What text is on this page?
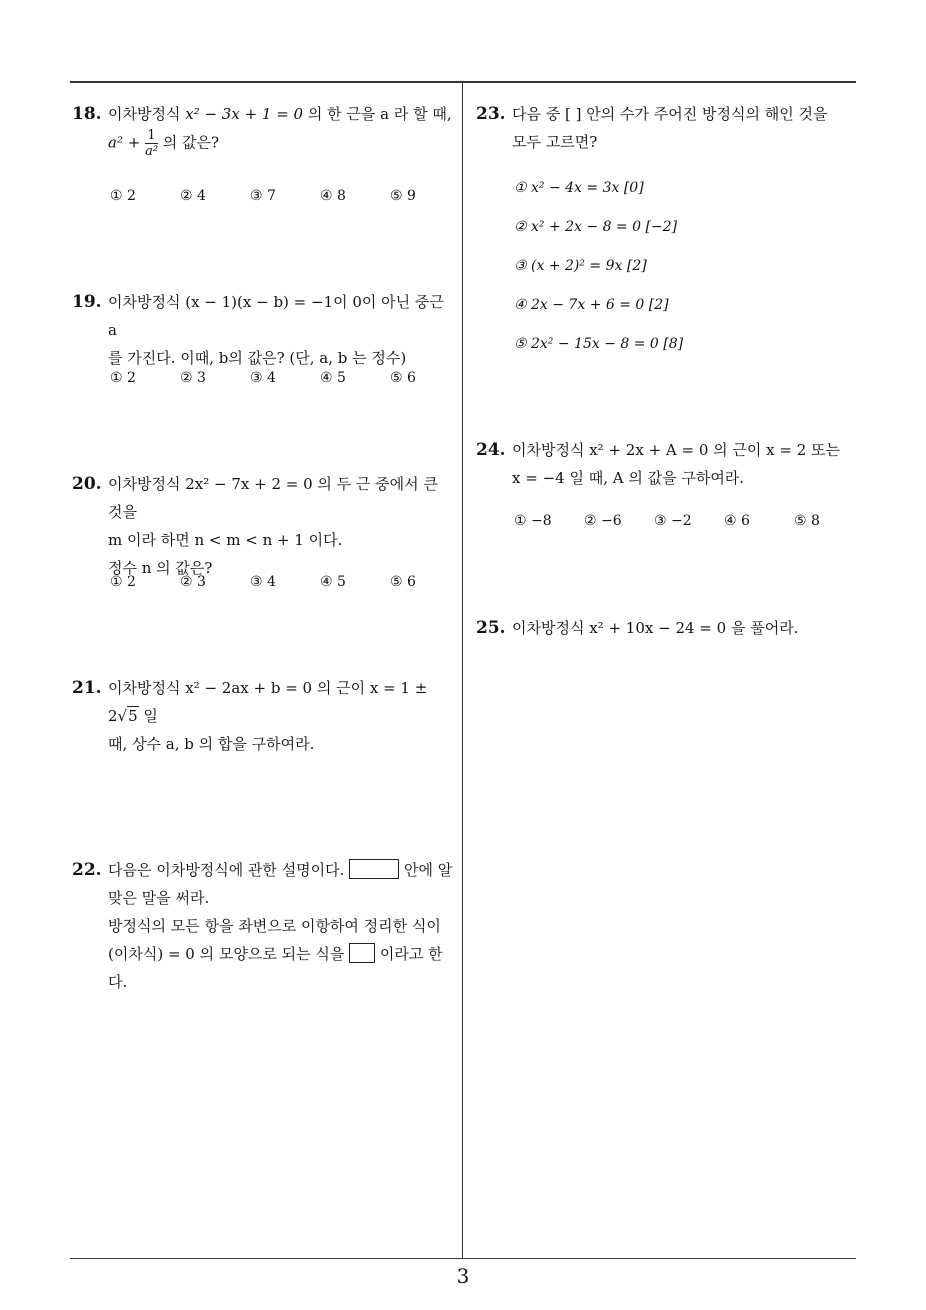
18. 이차방정식 x² − 3x + 1 = 0 의 한 근을 a 라 할 때,
$a^2 + \frac{1}{\text{a²}}$ 의 값은?
① 2	② 4	③ 7	④ 8	⑤ 9
19. 이차방정식 (x − 1)(x − b) = −1이 0이 아닌 중근 a
를 가진다. 이때, b의 값은? (단, a, b 는 정수)
① 2	② 3	③ 4	④ 5	⑤ 6
20. 이차방정식 2x² − 7x + 2 = 0 의 두 근 중에서 큰 것을
m 이라 하면 n < m < n + 1 이다.
정수 n 의 값은?
① 2	② 3	③ 4	④ 5	⑤ 6
21. 이차방정식 x² − 2ax + b = 0 의 근이 x = 1 ± 2√5 일
때, 상수 a, b 의 합을 구하여라.
22. 다음은 이차방정식에 관한 설명이다.	안에 알
맞은 말을 써라.
방정식의 모든 항을 좌변으로 이항하여 정리한 식이
(이차식) = 0 의 모양으로 되는 식을 이라고 한
다.
23. 다음 중 [ ] 안의 수가 주어진 방정식의 해인 것을
모두 고르면?
① x² − 4x = 3x [0]
② x² + 2x − 8 = 0 [−2]
③ (x + 2)² = 9x [2]
④ 2x − 7x + 6 = 0 [2]
⑤ 2x² − 15x − 8 = 0 [8]
24. 이차방정식 x² + 2x + A = 0 의 근이 x = 2 또는
x = −4 일 때, A 의 값을 구하여라.
① −8 ② −6 ③ −2 ④ 6	⑤ 8
25. 이차방정식 x² + 10x − 24 = 0 을 풀어라.
3
